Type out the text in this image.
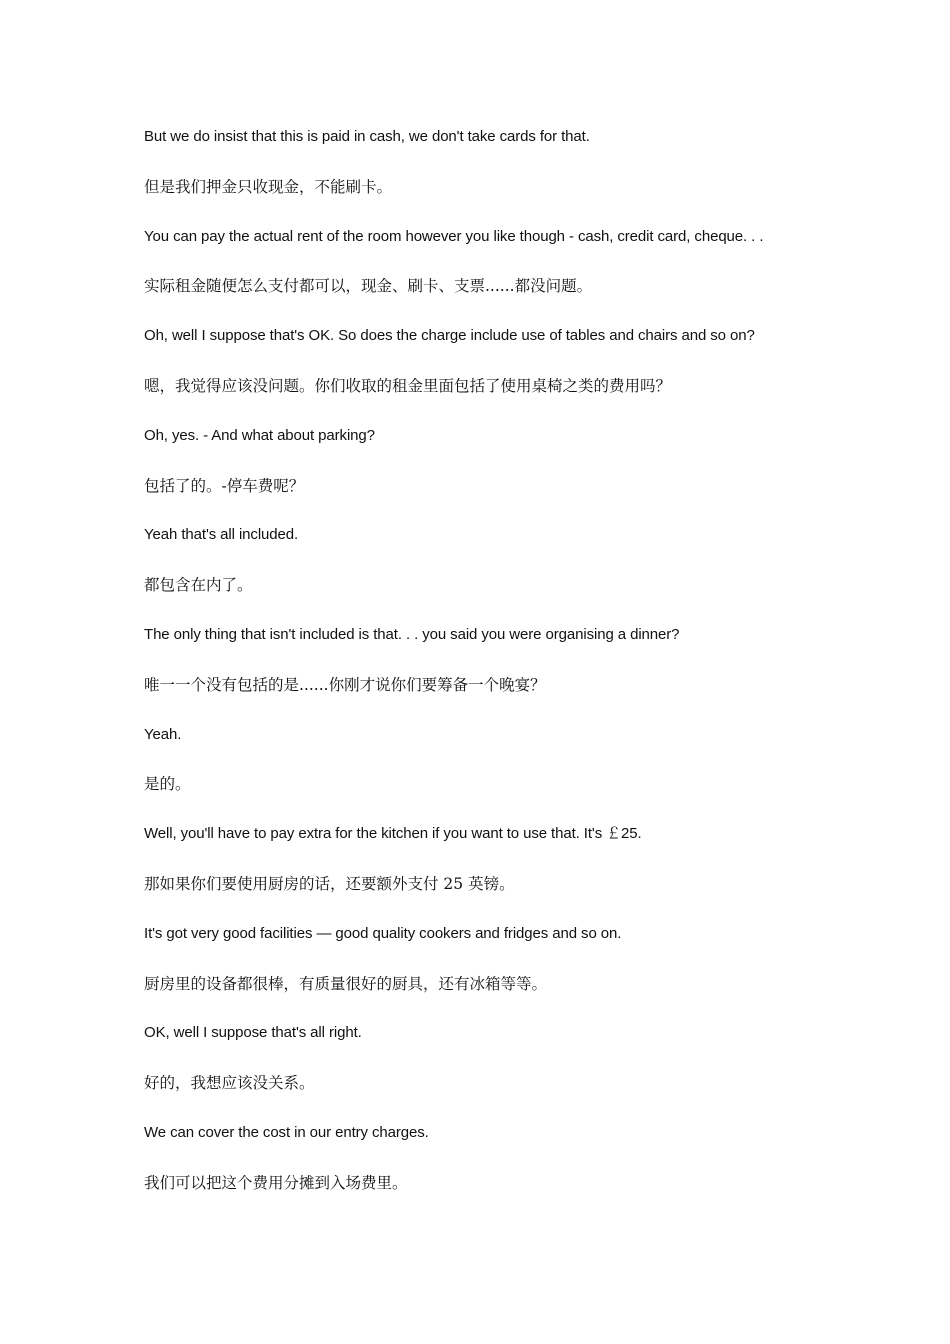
But we do insist that this is paid in cash, we don't take cards for that.

但是我们押金只收现金，不能刷卡。

You can pay the actual rent of the room however you like though - cash, credit card, cheque. . .

实际租金随便怎么支付都可以，现金、刷卡、支票......都没问题。

Oh, well I suppose that's OK. So does the charge include use of tables and chairs and so on?

嗯，我觉得应该没问题。你们收取的租金里面包括了使用桌椅之类的费用吗？

Oh, yes. - And what about parking?

包括了的。-停车费呢？

Yeah that's all included.

都包含在内了。

The only thing that isn't included is that. . . you said you were organising a dinner?

唯一一个没有包括的是......你刚才说你们要筹备一个晚宴？

Yeah.

是的。

Well, you'll have to pay extra for the kitchen if you want to use that. It's ￡25.

那如果你们要使用厨房的话，还要额外支付 25 英镑。

It's got very good facilities — good quality cookers and fridges and so on.

厨房里的设备都很棒，有质量很好的厨具，还有冰箱等等。

OK, well I suppose that's all right.

好的，我想应该没关系。

We can cover the cost in our entry charges.

我们可以把这个费用分摊到入场费里。
